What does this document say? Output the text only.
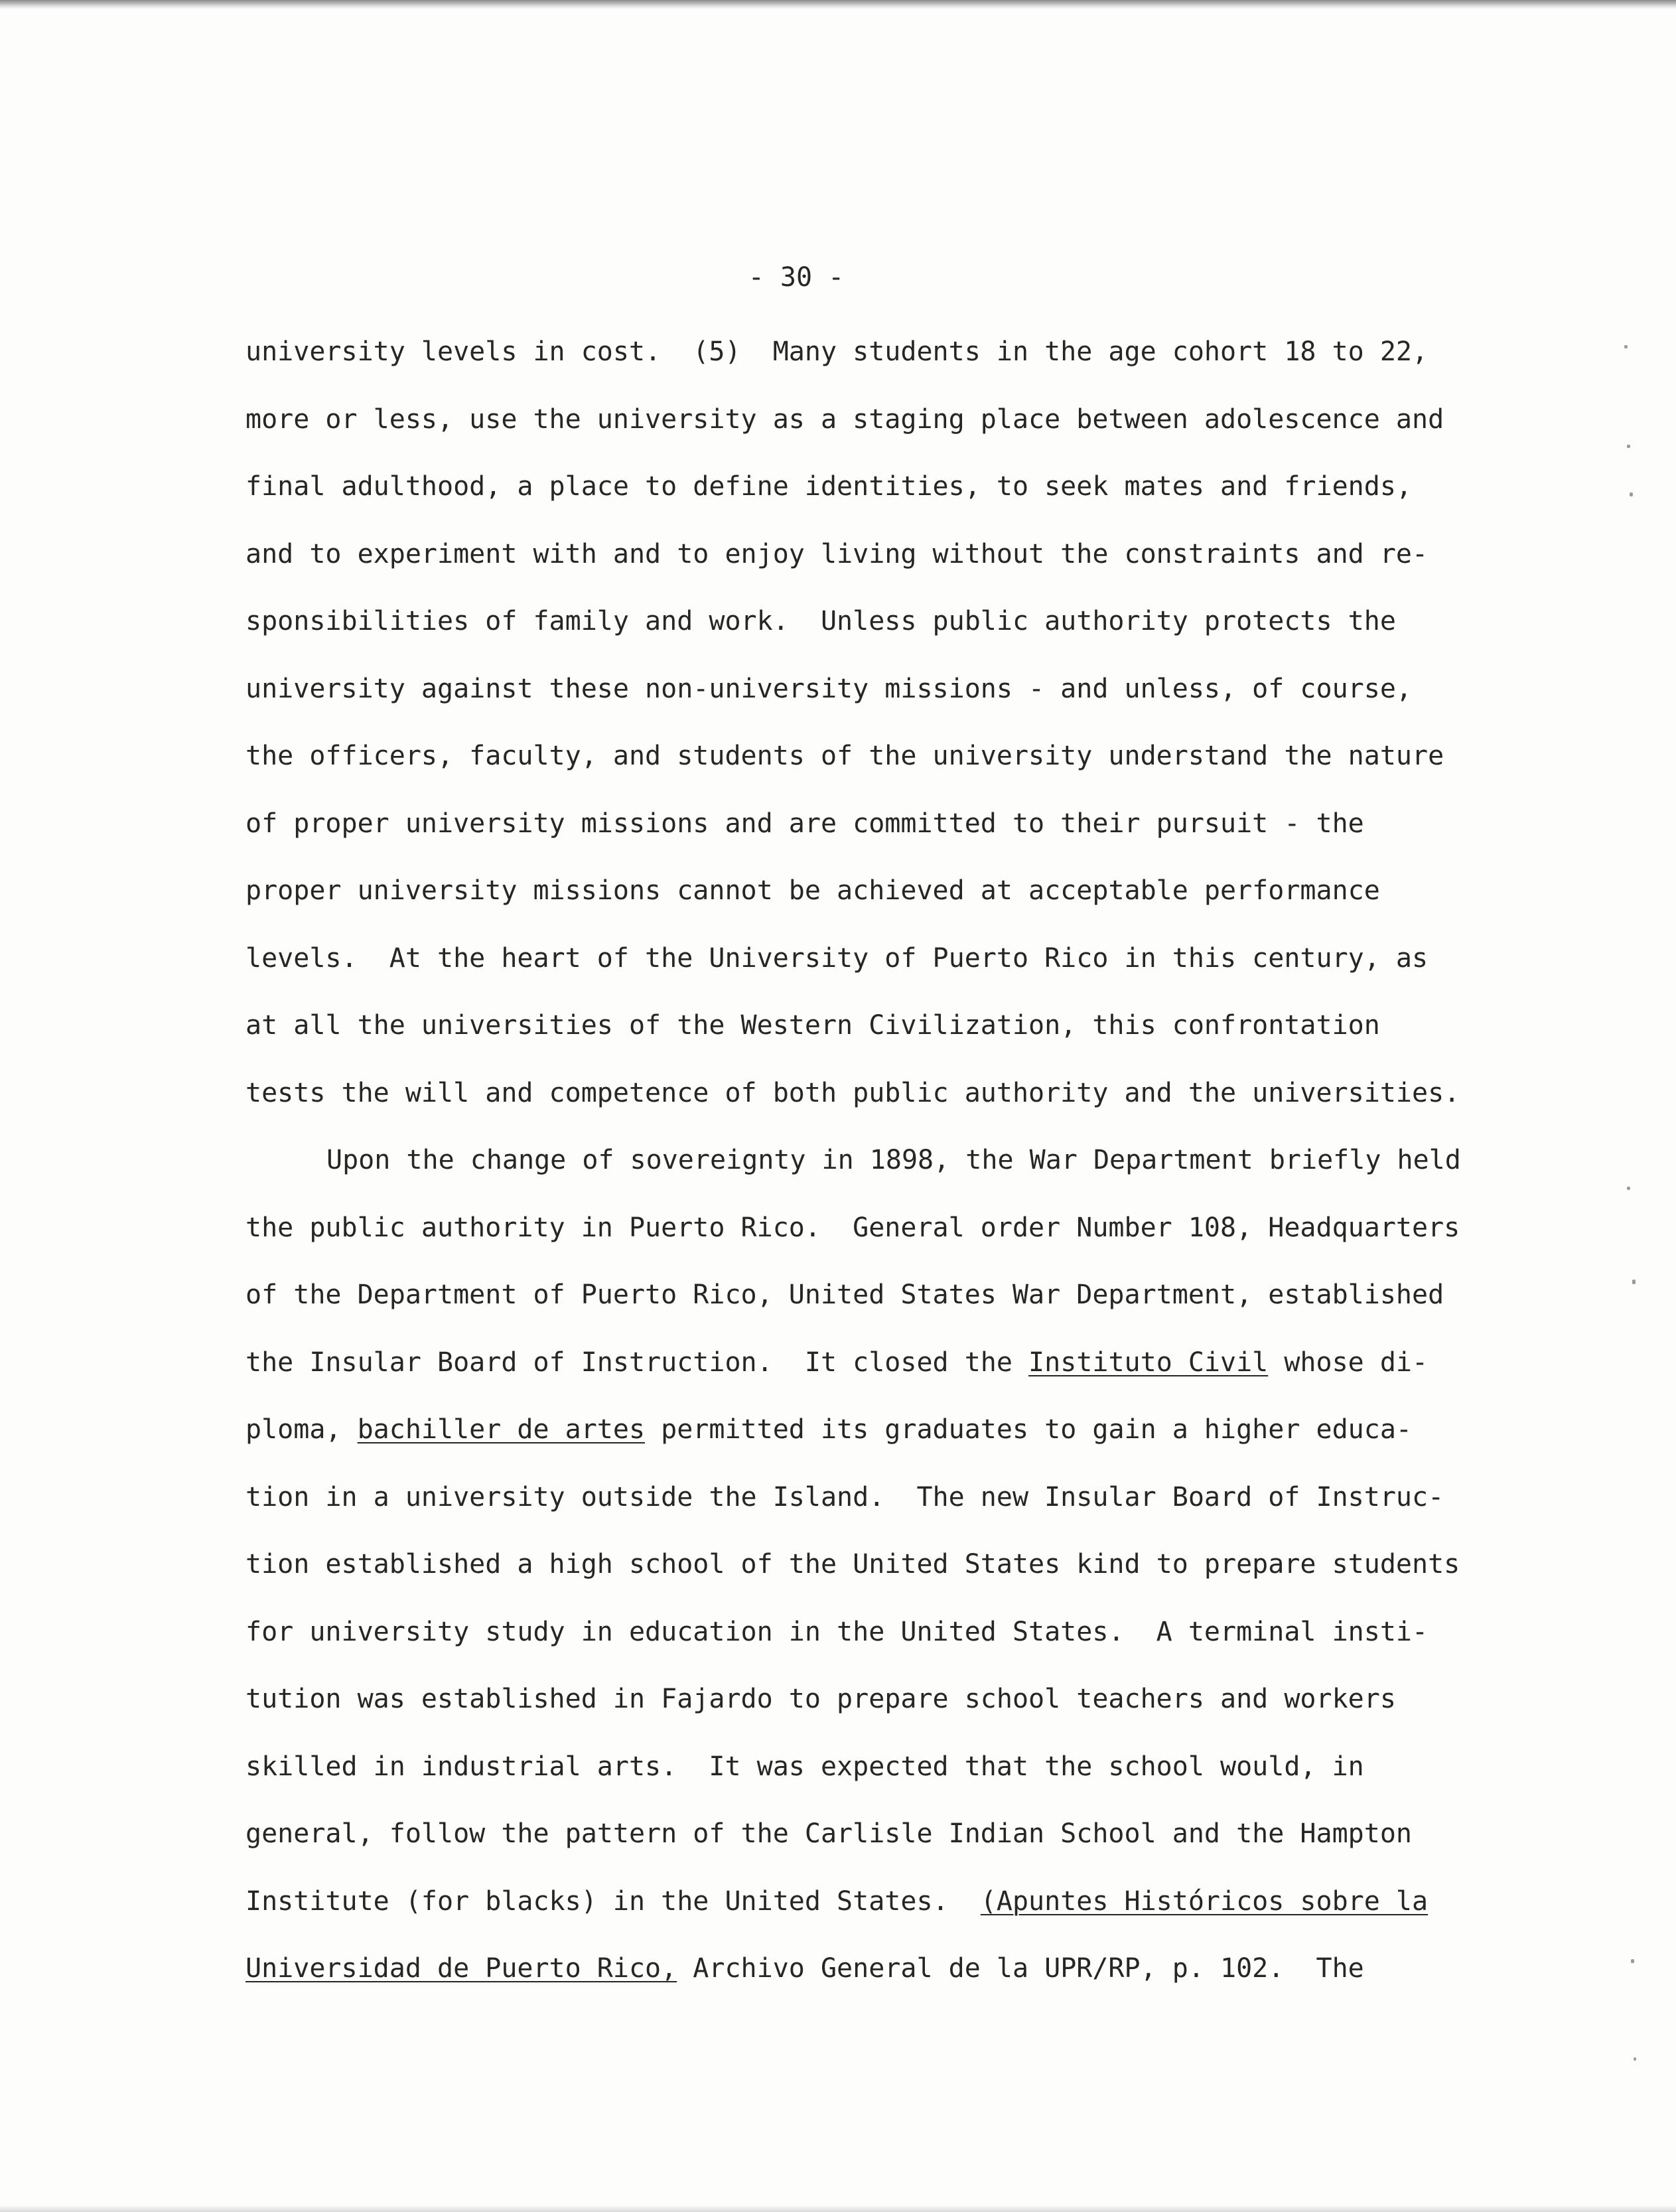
- 30 -
university levels in cost.  (5)  Many students in the age cohort 18 to 22,
more or less, use the university as a staging place between adolescence and
final adulthood, a place to define identities, to seek mates and friends,
and to experiment with and to enjoy living without the constraints and re-
sponsibilities of family and work.  Unless public authority protects the
university against these non-university missions - and unless, of course,
the officers, faculty, and students of the university understand the nature
of proper university missions and are committed to their pursuit - the
proper university missions cannot be achieved at acceptable performance
levels.  At the heart of the University of Puerto Rico in this century, as
at all the universities of the Western Civilization, this confrontation
tests the will and competence of both public authority and the universities.
Upon the change of sovereignty in 1898, the War Department briefly held
the public authority in Puerto Rico.  General order Number 108, Headquarters
of the Department of Puerto Rico, United States War Department, established
the Insular Board of Instruction.  It closed the Instituto Civil whose di-
ploma, bachiller de artes permitted its graduates to gain a higher educa-
tion in a university outside the Island.  The new Insular Board of Instruc-
tion established a high school of the United States kind to prepare students
for university study in education in the United States.  A terminal insti-
tution was established in Fajardo to prepare school teachers and workers
skilled in industrial arts.  It was expected that the school would, in
general, follow the pattern of the Carlisle Indian School and the Hampton
Institute (for blacks) in the United States.  (Apuntes Históricos sobre la
Universidad de Puerto Rico, Archivo General de la UPR/RP, p. 102.  The
